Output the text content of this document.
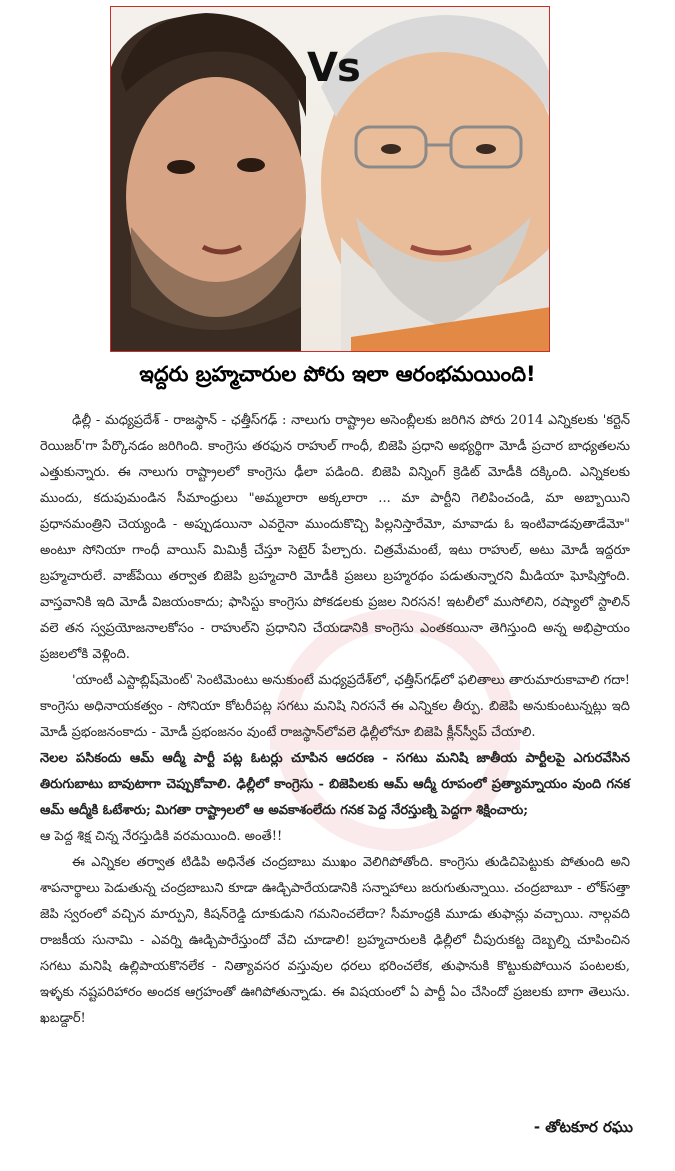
Vs
ఇద్దరు బ్రహ్మచారుల పోరు ఇలా ఆరంభమయింది!

ఢిల్లీ - మధ్యప్రదేశ్ - రాజస్థాన్ - ఛత్తీస్‌గఢ్ : నాలుగు రాష్ట్రాల అసెంబ్లీలకు జరిగిన పోరు 2014 ఎన్నికలకు 'కర్టెన్ రెయిజర్'గా పేర్కొనడం జరిగింది. కాంగ్రెసు తరఫున రాహుల్ గాంధీ, బిజెపి ప్రధాని అభ్యర్థిగా మోడీ ప్రచార బాధ్యతలను ఎత్తుకున్నారు. ఈ నాలుగు రాష్ట్రాలలో కాంగ్రెసు ఢీలా పడింది. బిజెపి విన్నింగ్ క్రెడిట్ మోడీకి దక్కింది. ఎన్నికలకు ముందు, కదుపుమండిన సీమాంధ్రులు "అమ్మలారా అక్కలారా ... మా పార్టీని గెలిపించండి, మా అబ్బాయిని ప్రధానమంత్రిని చెయ్యండి - అప్పుడయినా ఎవరైనా ముందుకొచ్చి పిల్లనిస్తారేమో, మావాడు ఓ ఇంటివాడవుతాడేమో" అంటూ సోనియా గాంధీ వాయిస్ మిమిక్రీ చేస్తూ సెటైర్ పేల్చారు. చిత్రమేమంటే, ఇటు రాహుల్, అటు మోడీ ఇద్దరూ బ్రహ్మచారులే. వాజ్‌పేయి తర్వాత బిజెపి బ్రహ్మచారి మోడీకి ప్రజలు బ్రహ్మరథం పడుతున్నారని మీడియా ఘోషిస్తోంది. వాస్తవానికి ఇది మోడీ విజయంకాదు; ఫాసిస్టు కాంగ్రెసు పోకడలకు ప్రజల నిరసన! ఇటలీలో ముసోలిని, రష్యాలో స్టాలిన్ వలె తన స్వప్రయోజనాలకోసం - రాహుల్‌ని ప్రధానిని చేయడానికి కాంగ్రెసు ఎంతకయినా తెగిస్తుంది అన్న అభిప్రాయం ప్రజలలోకి వెళ్లింది.

'యాంటీ ఎస్టాబ్లిష్‌మెంట్' సెంటిమెంటు అనుకుంటే మధ్యప్రదేశ్‌లో, ఛత్తీస్‌గఢ్‌లో ఫలితాలు తారుమారుకావాలి గదా! కాంగ్రెసు అధినాయకత్వం - సోనియా కోటరీపట్ల సగటు మనిషి నిరసనే ఈ ఎన్నికల తీర్పు. బిజెపి అనుకుంటున్నట్లు ఇది మోడీ ప్రభంజనంకాదు - మోడీ ప్రభంజనం వుంటే రాజస్థాన్‌లోవలె ఢిల్లీలోనూ బిజెపి క్లీన్‌స్వీప్ చేయాలి.

నెలల పసికందు ఆమ్ ఆద్మీ పార్టీ పట్ల ఓటర్లు చూపిన ఆదరణ - సగటు మనిషి జాతీయ పార్టీలపై ఎగురవేసిన తిరుగుబాటు బావుటాగా చెప్పుకోవాలి. ఢిల్లీలో కాంగ్రెసు - బిజెపిలకు ఆమ్ ఆద్మీ రూపంలో ప్రత్యామ్నాయం వుంది గనక ఆమ్ ఆద్మీకి ఓటేశారు; మిగతా రాష్ట్రాలలో ఆ అవకాశంలేదు గనక పెద్ద నేరస్తుణ్ని పెద్దగా శిక్షించారు;

ఆ పెద్ద శిక్ష చిన్న నేరస్తుడికి వరమయింది. అంతే!!

ఈ ఎన్నికల తర్వాత టిడిపి అధినేత చంద్రబాబు ముఖం వెలిగిపోతోంది. కాంగ్రెసు తుడిచిపెట్టుకు పోతుంది అని శాపనార్థాలు పెడుతున్న చంద్రబాబుని కూడా ఊడ్చిపారేయడానికి సన్నాహాలు జరుగుతున్నాయి. చంద్రబాబూ - లోక్‌సత్తా జెపి స్వరంలో వచ్చిన మార్పుని, కిషన్‌రెడ్డి దూకుడుని గమనించలేదా? సీమాంధ్రకి మూడు తుఫాన్లు వచ్చాయి. నాల్గవది రాజకీయ సునామి - ఎవర్ని ఊడ్చిపారేస్తుందో వేచి చూడాలి! బ్రహ్మచారులకి ఢిల్లీలో చీపురుకట్ట దెబ్బల్ని చూపించిన సగటు మనిషి ఉల్లిపాయకొనలేక - నిత్యావసర వస్తువుల ధరలు భరించలేక, తుఫానుకి కొట్టుకుపోయిన పంటలకు, ఇళ్ళకు నష్టపరిహారం అందక ఆగ్రహంతో ఊగిపోతున్నాడు. ఈ విషయంలో ఏ పార్టీ ఏం చేసిందో ప్రజలకు బాగా తెలుసు. ఖబడ్దార్!

- తోటకూర రఘు
